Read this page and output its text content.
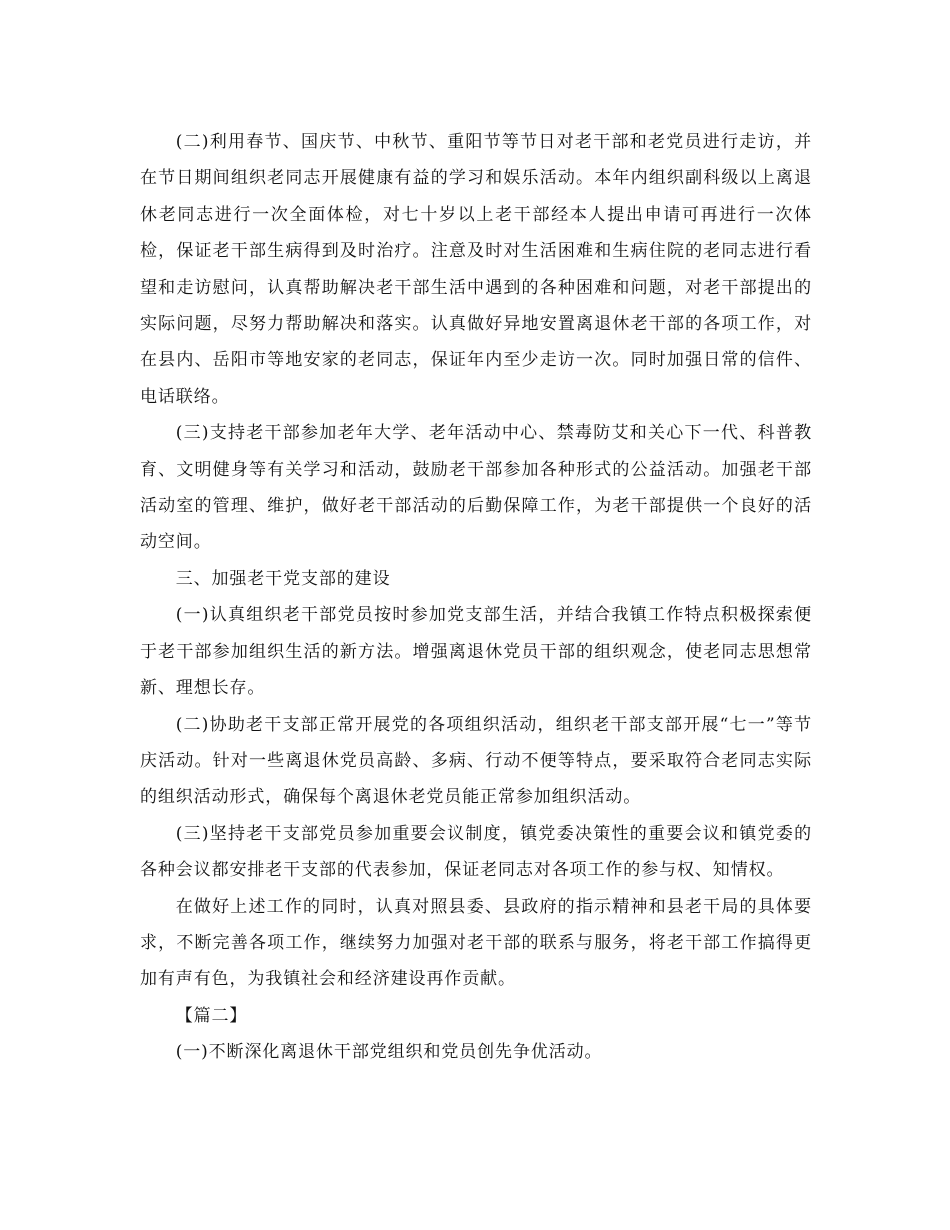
(二)利用春节、国庆节、中秋节、重阳节等节日对老干部和老党员进行走访，并在节日期间组织老同志开展健康有益的学习和娱乐活动。本年内组织副科级以上离退休老同志进行一次全面体检，对七十岁以上老干部经本人提出申请可再进行一次体检，保证老干部生病得到及时治疗。注意及时对生活困难和生病住院的老同志进行看望和走访慰问，认真帮助解决老干部生活中遇到的各种困难和问题，对老干部提出的实际问题，尽努力帮助解决和落实。认真做好异地安置离退休老干部的各项工作，对在县内、岳阳市等地安家的老同志，保证年内至少走访一次。同时加强日常的信件、电话联络。

(三)支持老干部参加老年大学、老年活动中心、禁毒防艾和关心下一代、科普教育、文明健身等有关学习和活动，鼓励老干部参加各种形式的公益活动。加强老干部活动室的管理、维护，做好老干部活动的后勤保障工作，为老干部提供一个良好的活动空间。

三、加强老干党支部的建设

(一)认真组织老干部党员按时参加党支部生活，并结合我镇工作特点积极探索便于老干部参加组织生活的新方法。增强离退休党员干部的组织观念，使老同志思想常新、理想长存。

(二)协助老干支部正常开展党的各项组织活动，组织老干部支部开展“七一”等节庆活动。针对一些离退休党员高龄、多病、行动不便等特点，要采取符合老同志实际的组织活动形式，确保每个离退休老党员能正常参加组织活动。

(三)坚持老干支部党员参加重要会议制度，镇党委决策性的重要会议和镇党委的各种会议都安排老干支部的代表参加，保证老同志对各项工作的参与权、知情权。

在做好上述工作的同时，认真对照县委、县政府的指示精神和县老干局的具体要求，不断完善各项工作，继续努力加强对老干部的联系与服务，将老干部工作搞得更加有声有色，为我镇社会和经济建设再作贡献。

【篇二】

(一)不断深化离退休干部党组织和党员创先争优活动。
